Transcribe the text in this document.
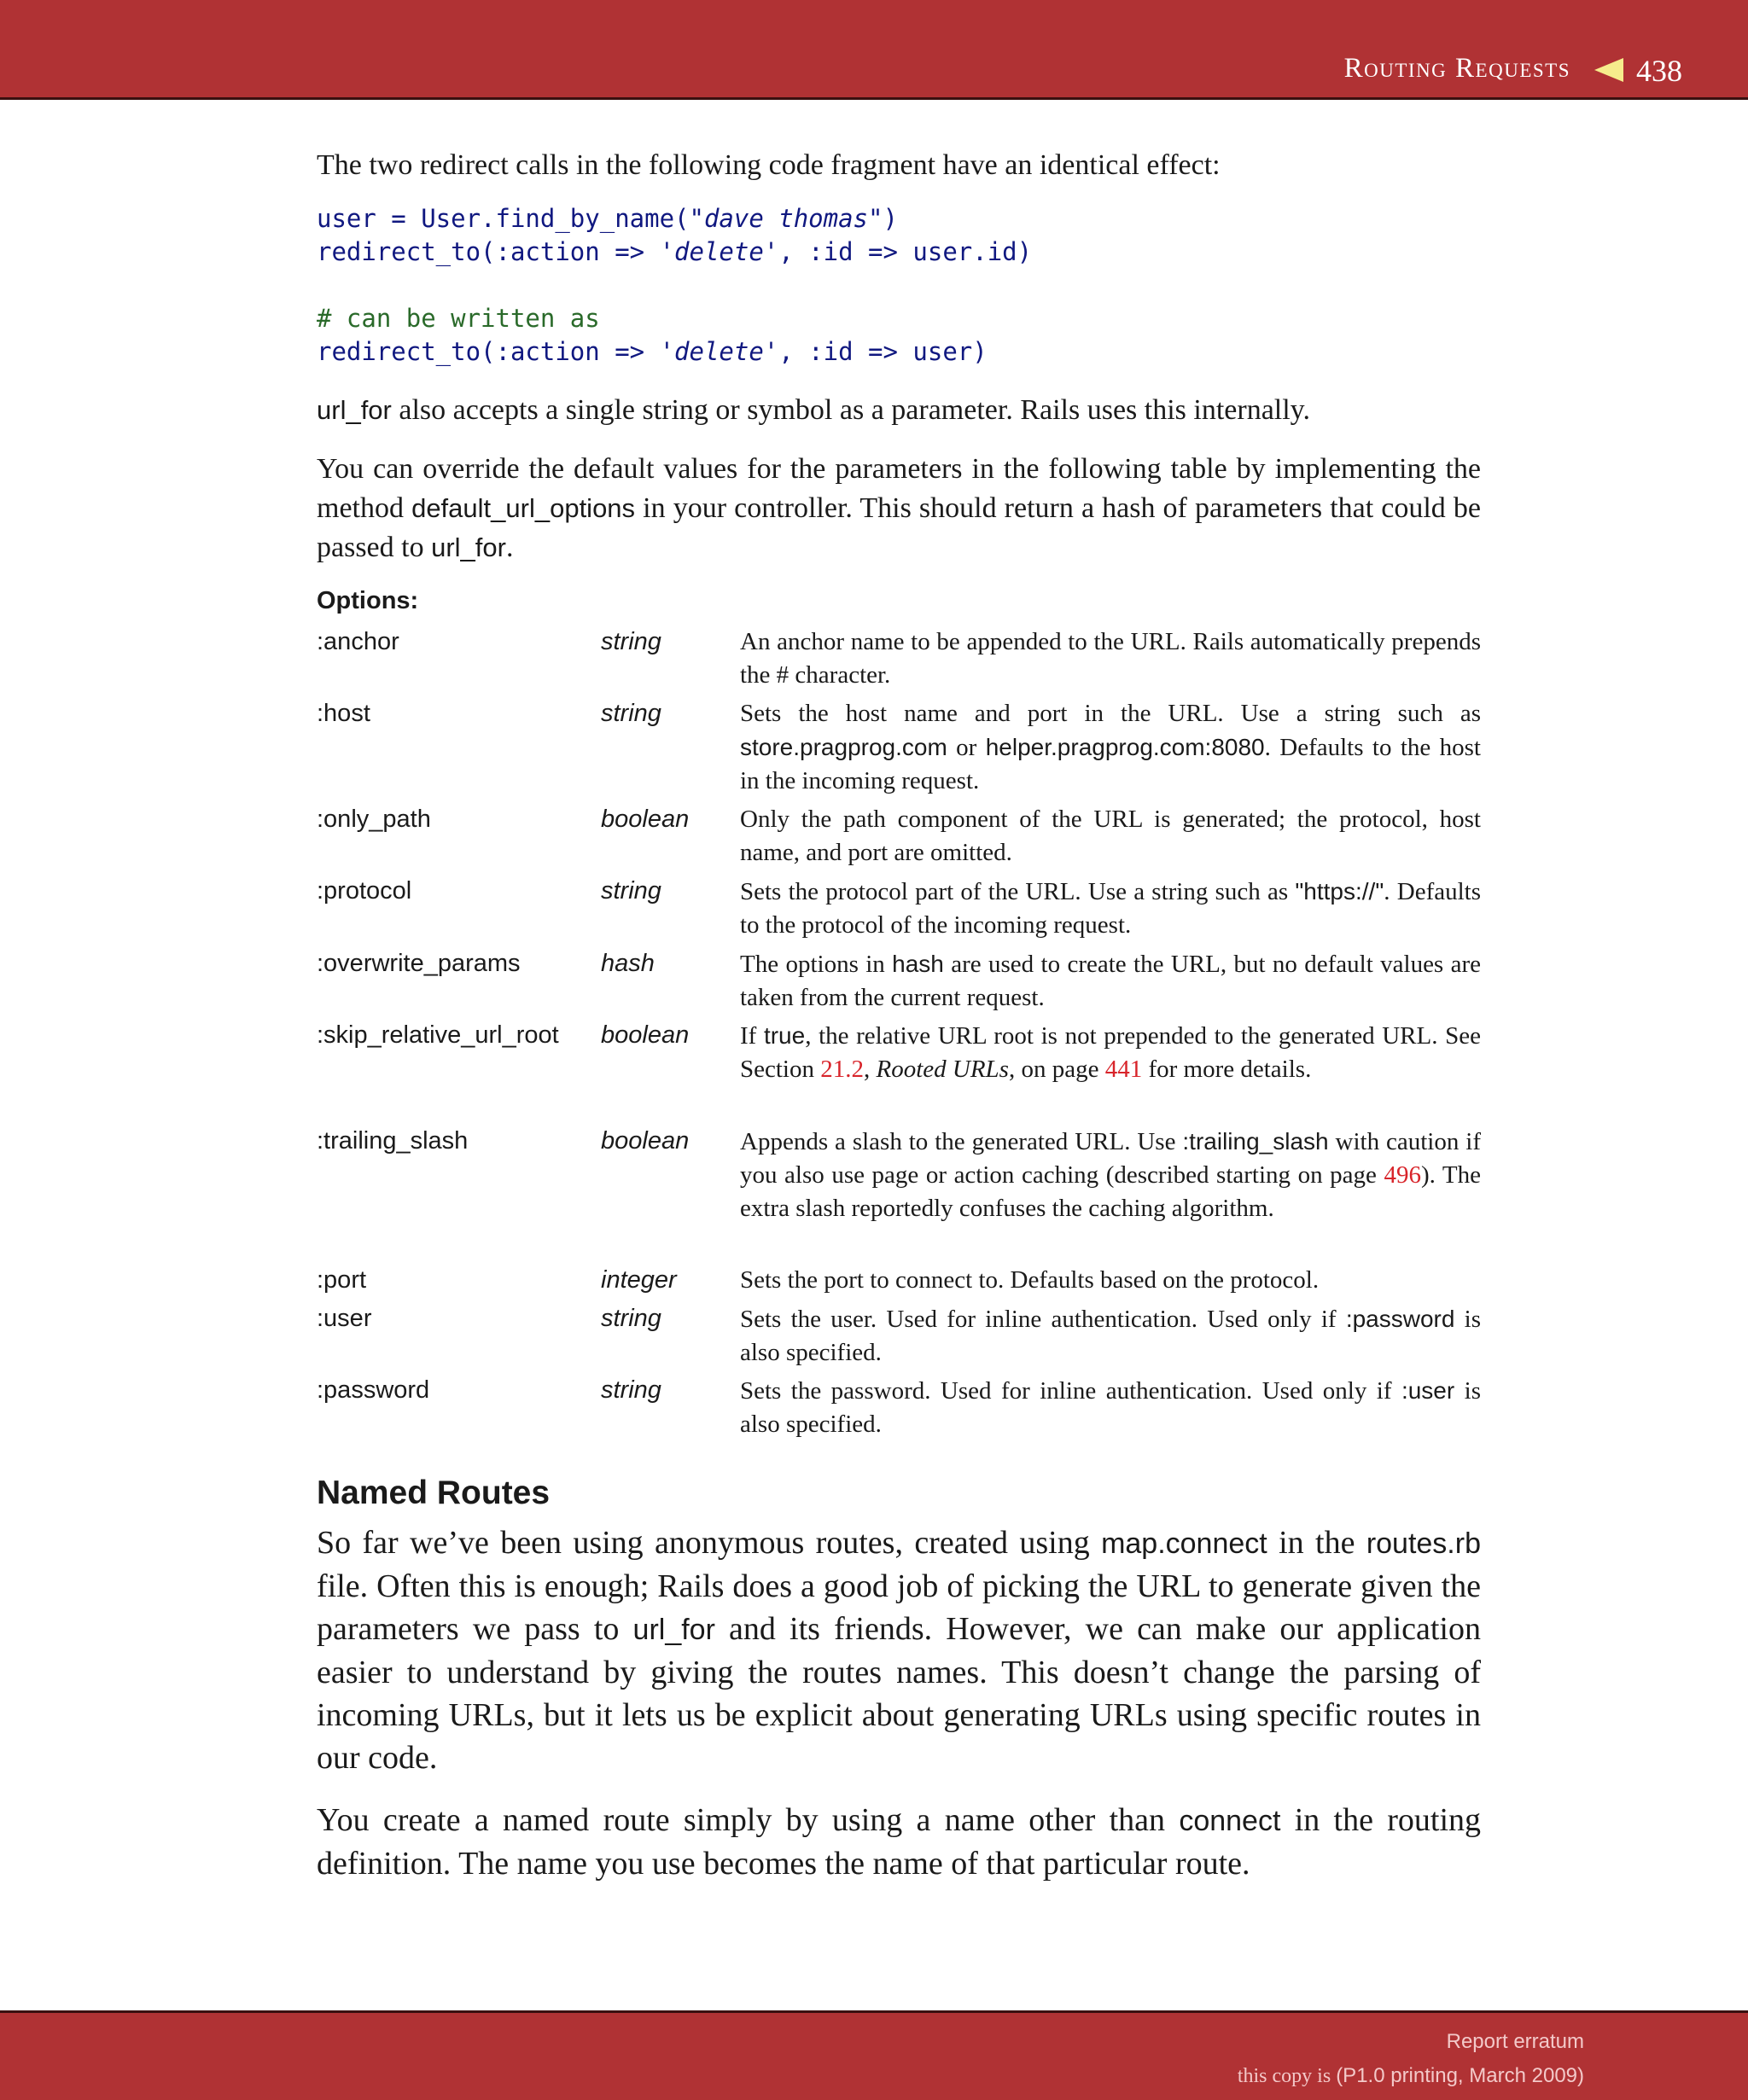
Routing Requests 438

The two redirect calls in the following code fragment have an identical effect:

user = User.find_by_name("dave thomas")
redirect_to(:action => 'delete', :id => user.id)

# can be written as
redirect_to(:action => 'delete', :id => user)

url_for also accepts a single string or symbol as a parameter. Rails uses this internally.

You can override the default values for the parameters in the following table by implementing the method default_url_options in your controller. This should return a hash of parameters that could be passed to url_for.

Options:

:anchor	string	An anchor name to be appended to the URL. Rails automatically prepends the # character.

:host	string	Sets the host name and port in the URL. Use a string such as store.pragprog.com or helper.pragprog.com:8080. Defaults to the host in the incoming request.

:only_path	boolean Only the path component of the URL is generated; the protocol, host name, and port are omitted.

:protocol	string	Sets the protocol part of the URL. Use a string such as "https://". Defaults to the protocol of the incoming request.

:overwrite_params	hash	The options in hash are used to create the URL, but no default values are taken from the current request.

:skip_relative_url_root boolean If true, the relative URL root is not prepended to the generated URL. See Section 21.2, Rooted URLs, on page 441 for more details.

:trailing_slash	boolean Appends a slash to the generated URL. Use :trailing_slash with caution if you also use page or action caching (described starting on page 496). The extra slash reportedly confuses the caching algorithm.

:port	integer	Sets the port to connect to. Defaults based on the protocol.

:user	string	Sets the user. Used for inline authentication. Used only if :password is also specified.

:password	string	Sets the password. Used for inline authentication. Used only if :user is also specified.

Named Routes

So far we’ve been using anonymous routes, created using map.connect in the routes.rb file. Often this is enough; Rails does a good job of picking the URL to generate given the parameters we pass to url_for and its friends. However, we can make our application easier to understand by giving the routes names. This doesn’t change the parsing of incoming URLs, but it lets us be explicit about generating URLs using specific routes in our code.

You create a named route simply by using a name other than connect in the routing definition. The name you use becomes the name of that particular route.

Report erratum
this copy is (P1.0 printing, March 2009)
